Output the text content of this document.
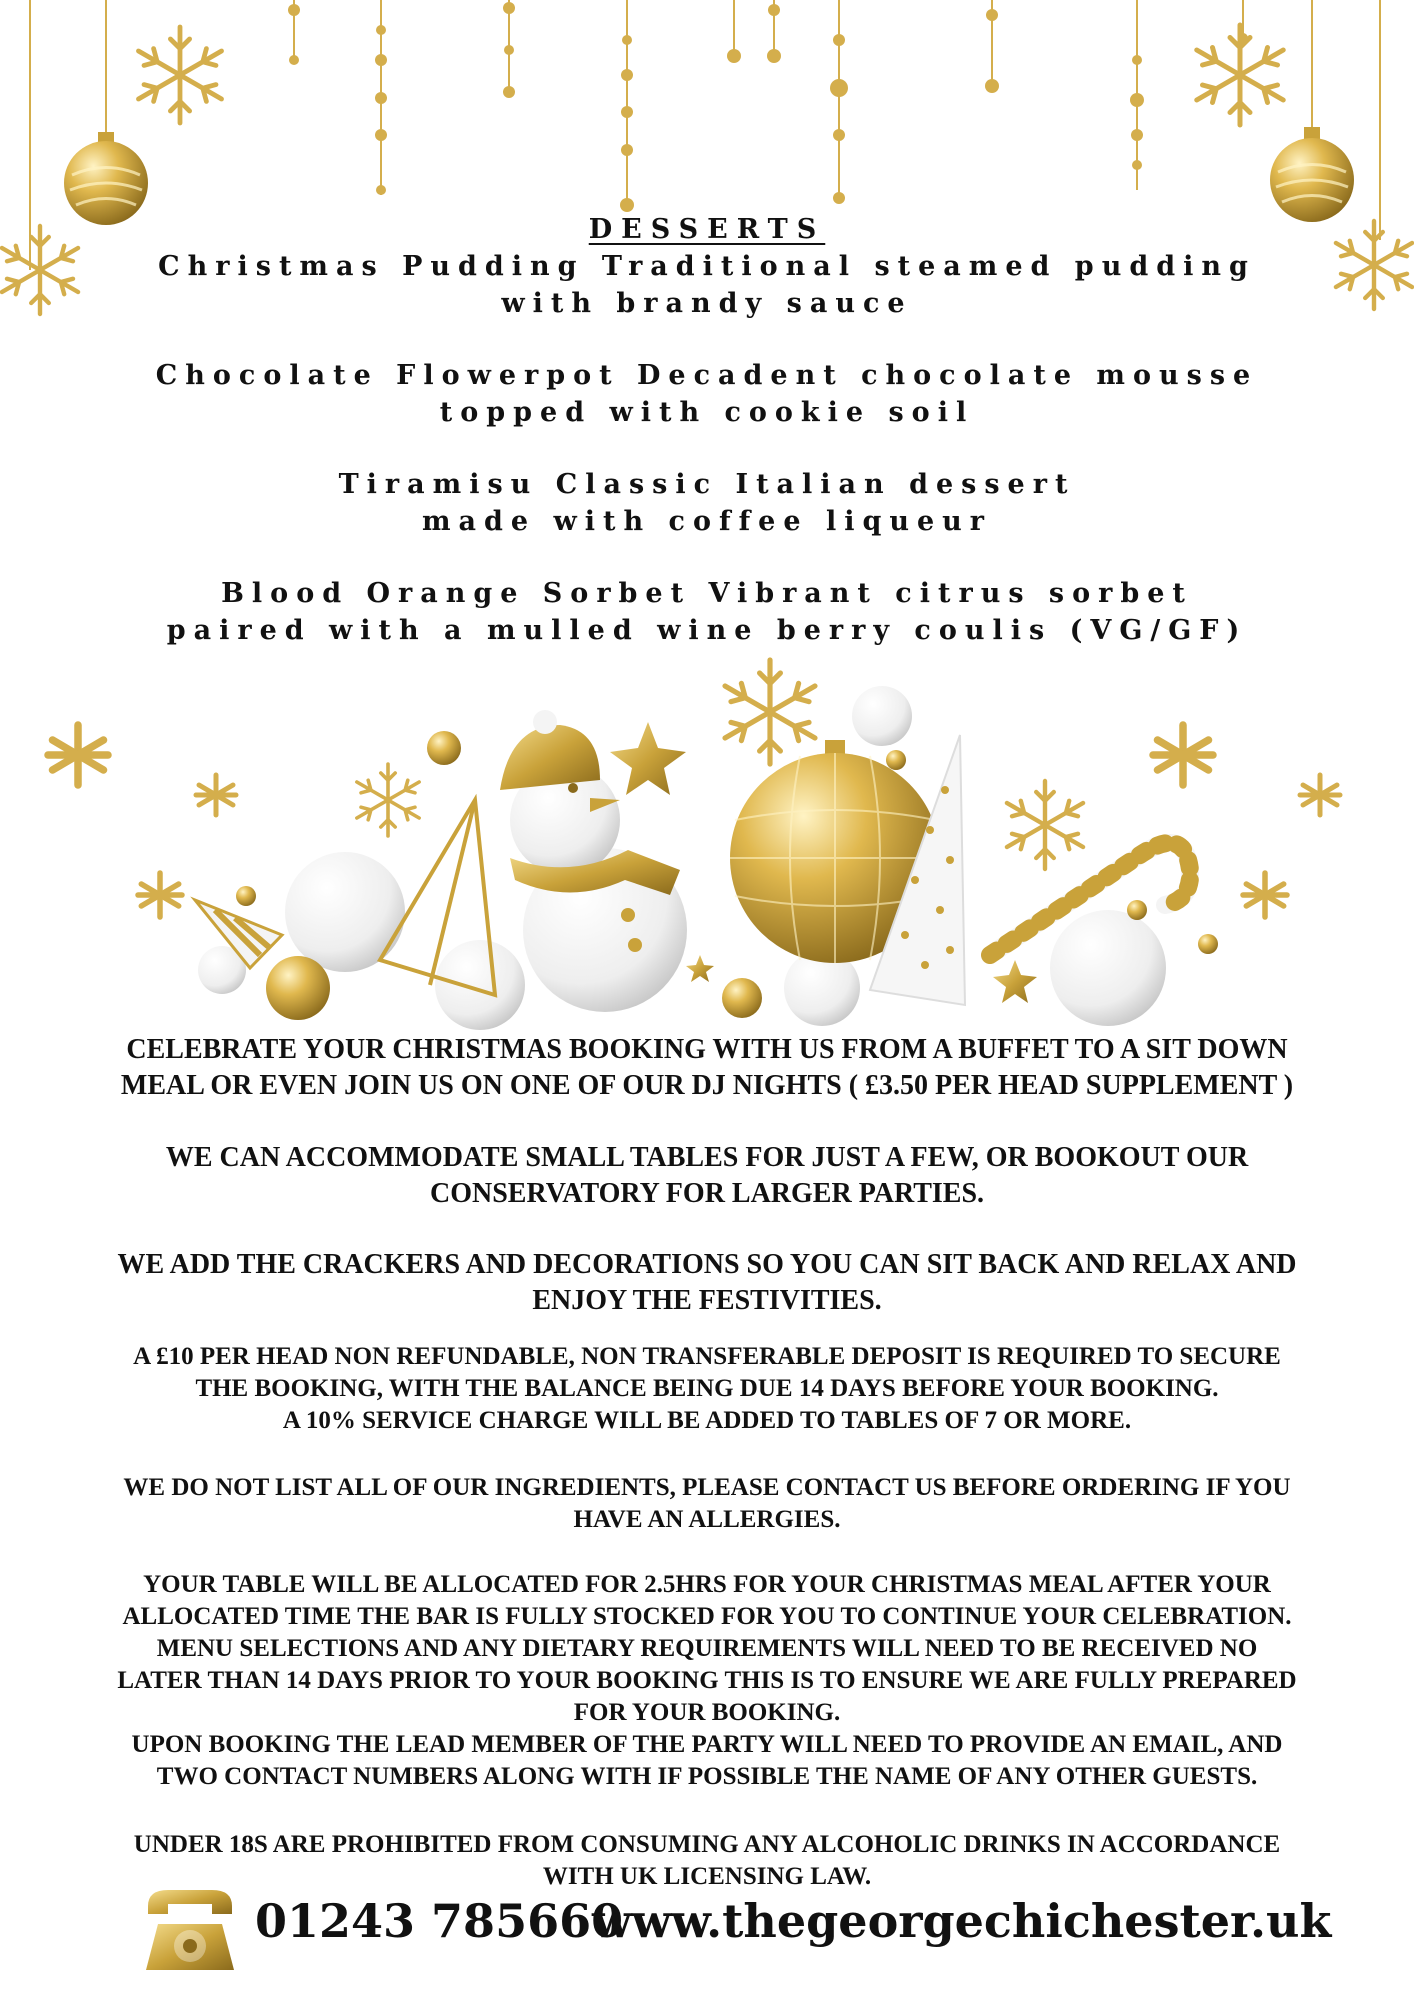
DESSERTS

Christmas Pudding Traditional steamed pudding

with brandy sauce

Chocolate Flowerpot Decadent chocolate mousse

topped with cookie soil

Tiramisu Classic Italian dessert

made with coffee liqueur

Blood Orange Sorbet Vibrant citrus sorbet

paired with a mulled wine berry coulis (VG/GF)

CELEBRATE YOUR CHRISTMAS BOOKING WITH US FROM A BUFFET TO A SIT DOWN

MEAL OR EVEN JOIN US ON ONE OF OUR DJ NIGHTS ( £3.50 PER HEAD SUPPLEMENT )

WE CAN ACCOMMODATE SMALL TABLES FOR JUST A FEW, OR BOOKOUT OUR

CONSERVATORY FOR LARGER PARTIES.

WE ADD THE CRACKERS AND DECORATIONS SO YOU CAN SIT BACK AND RELAX AND

ENJOY THE FESTIVITIES.

A £10 PER HEAD NON REFUNDABLE, NON TRANSFERABLE DEPOSIT IS REQUIRED TO SECURE

THE BOOKING, WITH THE BALANCE BEING DUE 14 DAYS BEFORE YOUR BOOKING.

A 10% SERVICE CHARGE WILL BE ADDED TO TABLES OF 7 OR MORE.

WE DO NOT LIST ALL OF OUR INGREDIENTS, PLEASE CONTACT US BEFORE ORDERING IF YOU

HAVE AN ALLERGIES.

YOUR TABLE WILL BE ALLOCATED FOR 2.5HRS FOR YOUR CHRISTMAS MEAL AFTER YOUR

ALLOCATED TIME THE BAR IS FULLY STOCKED FOR YOU TO CONTINUE YOUR CELEBRATION.

MENU SELECTIONS AND ANY DIETARY REQUIREMENTS WILL NEED TO BE RECEIVED NO

LATER THAN 14 DAYS PRIOR TO YOUR BOOKING THIS IS TO ENSURE WE ARE FULLY PREPARED

FOR YOUR BOOKING.

UPON BOOKING THE LEAD MEMBER OF THE PARTY WILL NEED TO PROVIDE AN EMAIL, AND

TWO CONTACT NUMBERS ALONG WITH IF POSSIBLE THE NAME OF ANY OTHER GUESTS.

UNDER 18S ARE PROHIBITED FROM CONSUMING ANY ALCOHOLIC DRINKS IN ACCORDANCE

WITH UK LICENSING LAW.

01243 785660
www.thegeorgechichester.uk
